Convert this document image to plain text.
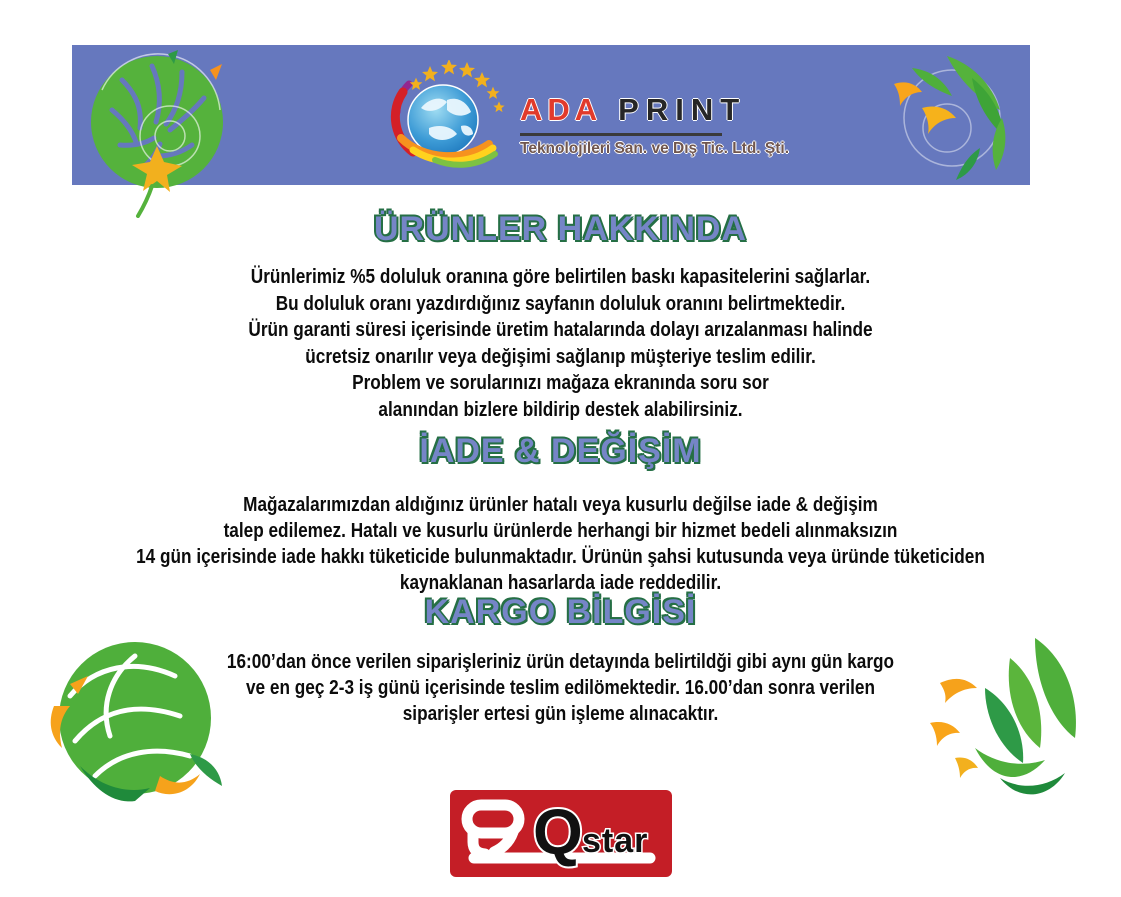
ADA PRINT
Teknolojileri San. ve Dış Tic. Ltd. Şti.
ÜRÜNLER HAKKINDA
Ürünlerimiz %5 doluluk oranına göre belirtilen baskı kapasitelerini sağlarlar.
Bu doluluk oranı yazdırdığınız sayfanın doluluk oranını belirtmektedir.
Ürün garanti süresi içerisinde üretim hatalarında dolayı arızalanması halinde
ücretsiz onarılır veya değişimi sağlanıp müşteriye teslim edilir.
Problem ve sorularınızı mağaza ekranında soru sor
alanından bizlere bildirip destek alabilirsiniz.
İADE & DEĞİŞİM
Mağazalarımızdan aldığınız ürünler hatalı veya kusurlu değilse iade & değişim
talep edilemez. Hatalı ve kusurlu ürünlerde herhangi bir hizmet bedeli alınmaksızın
14 gün içerisinde iade hakkı tüketicide bulunmaktadır. Ürünün şahsi kutusunda veya üründe tüketiciden
kaynaklanan hasarlarda iade reddedilir.
KARGO BİLGİSİ
16:00’dan önce verilen siparişleriniz ürün detayında belirtildği gibi aynı gün kargo
ve en geç 2-3 iş günü içerisinde teslim edilömektedir. 16.00’dan sonra verilen
siparişler ertesi gün işleme alınacaktır.
Q star
